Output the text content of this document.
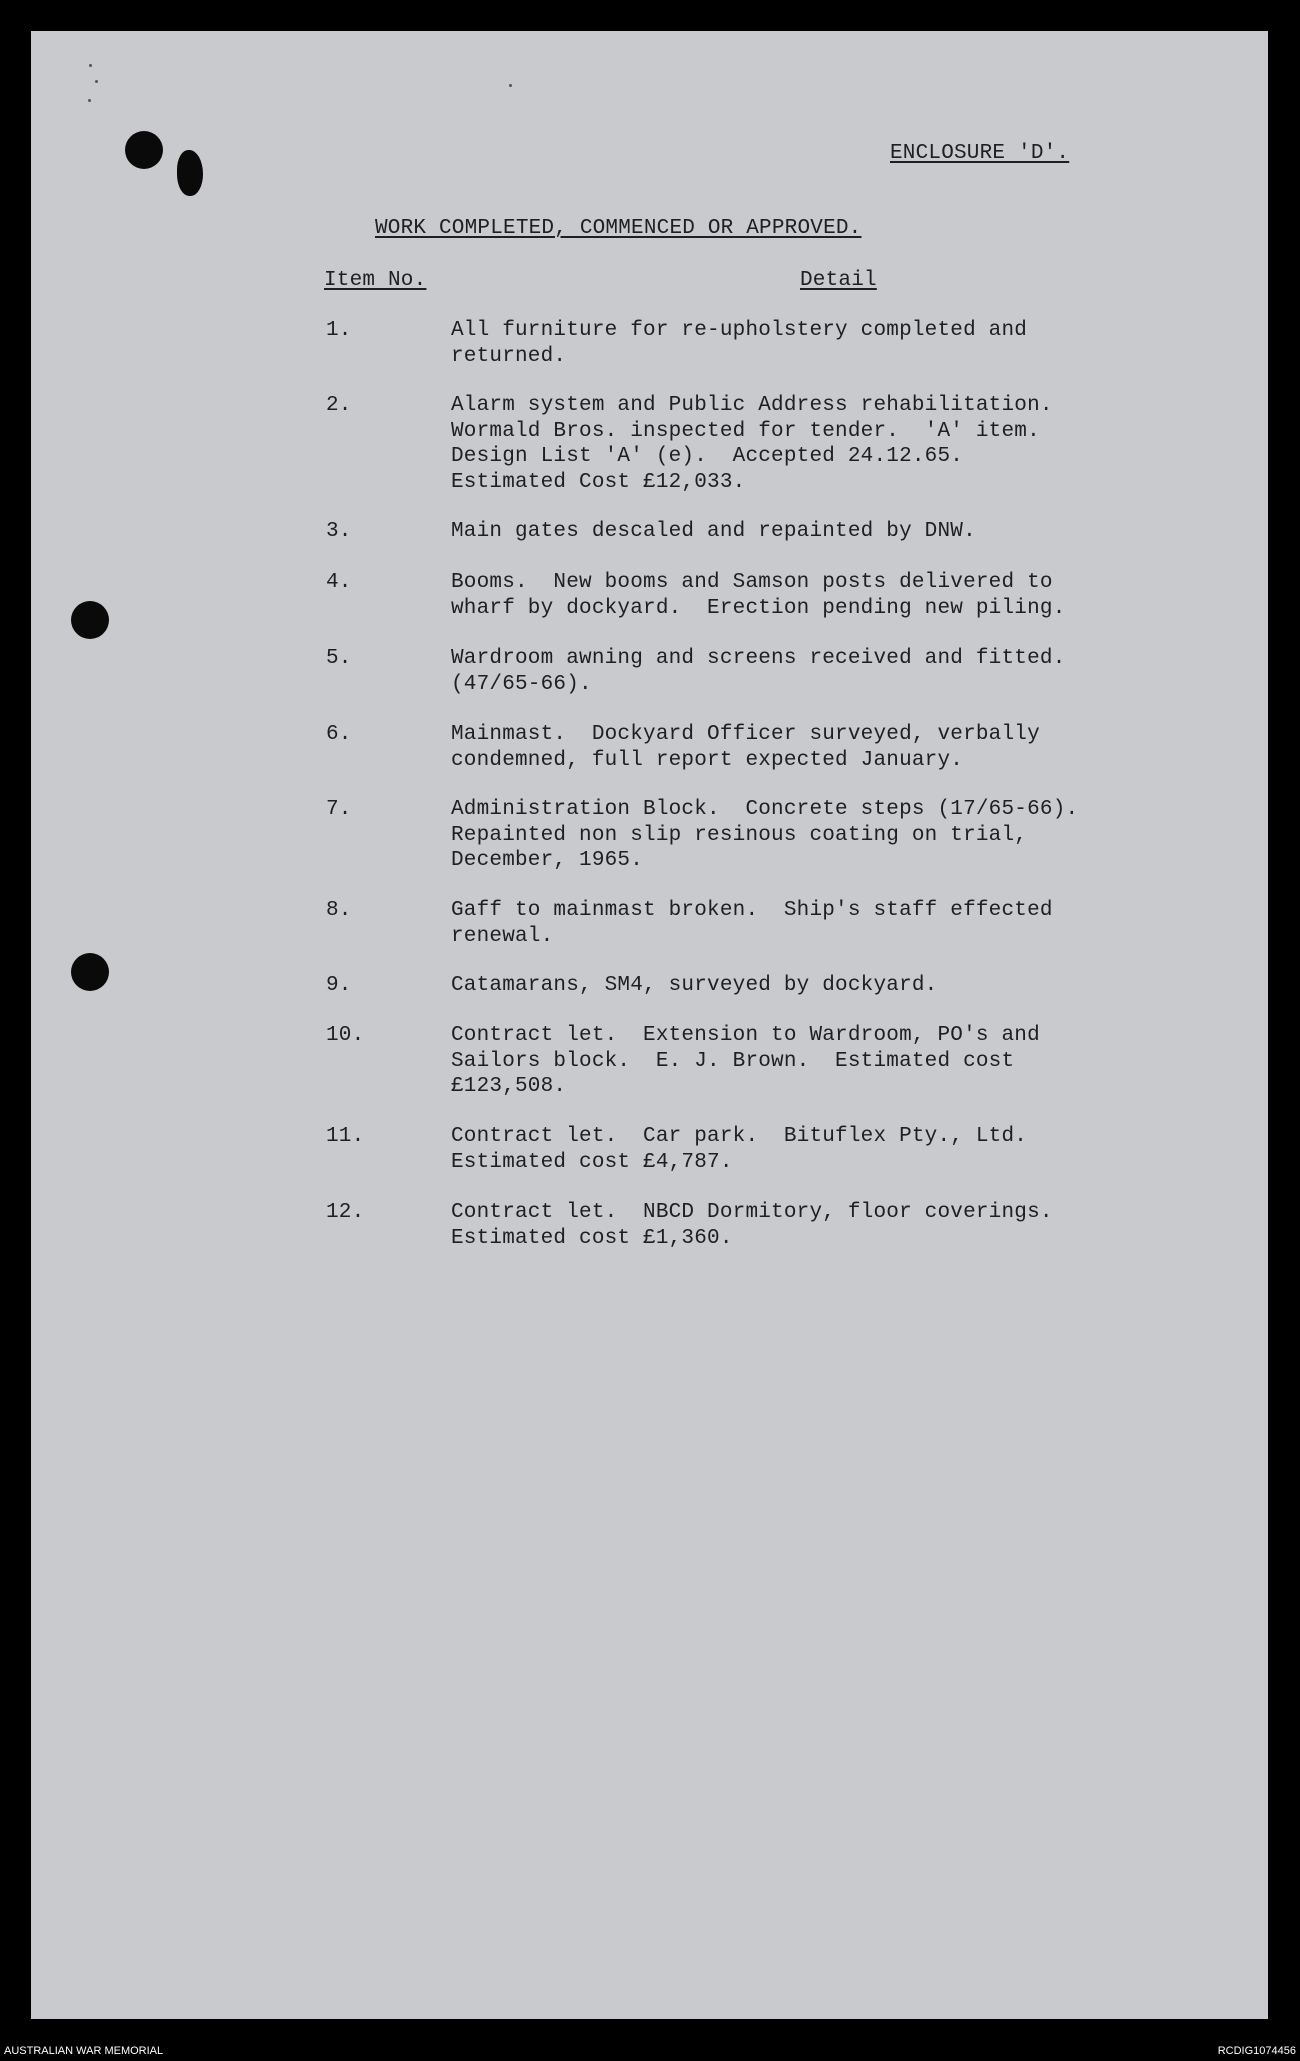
ENCLOSURE 'D'.
WORK COMPLETED, COMMENCED OR APPROVED.
Item No.	Detail
1.	All furniture for re-upholstery completed and
returned.
2.	Alarm system and Public Address rehabilitation.
Wormald Bros. inspected for tender.  'A' item.
Design List 'A' (e).  Accepted 24.12.65.
Estimated Cost £12,033.
3.	Main gates descaled and repainted by DNW.
4.	Booms.  New booms and Samson posts delivered to
wharf by dockyard.  Erection pending new piling.
5.	Wardroom awning and screens received and fitted.
(47/65-66).
6.	Mainmast.  Dockyard Officer surveyed, verbally
condemned, full report expected January.
7.	Administration Block.  Concrete steps (17/65-66).
Repainted non slip resinous coating on trial,
December, 1965.
8.	Gaff to mainmast broken.  Ship's staff effected
renewal.
9.	Catamarans, SM4, surveyed by dockyard.
10.	Contract let.  Extension to Wardroom, PO's and
Sailors block.  E. J. Brown.  Estimated cost
£123,508.
11.	Contract let.  Car park.  Bituflex Pty., Ltd.
Estimated cost £4,787.
12.	Contract let.  NBCD Dormitory, floor coverings.
Estimated cost £1,360.
AUSTRALIAN WAR MEMORIAL	RCDIG1074456
